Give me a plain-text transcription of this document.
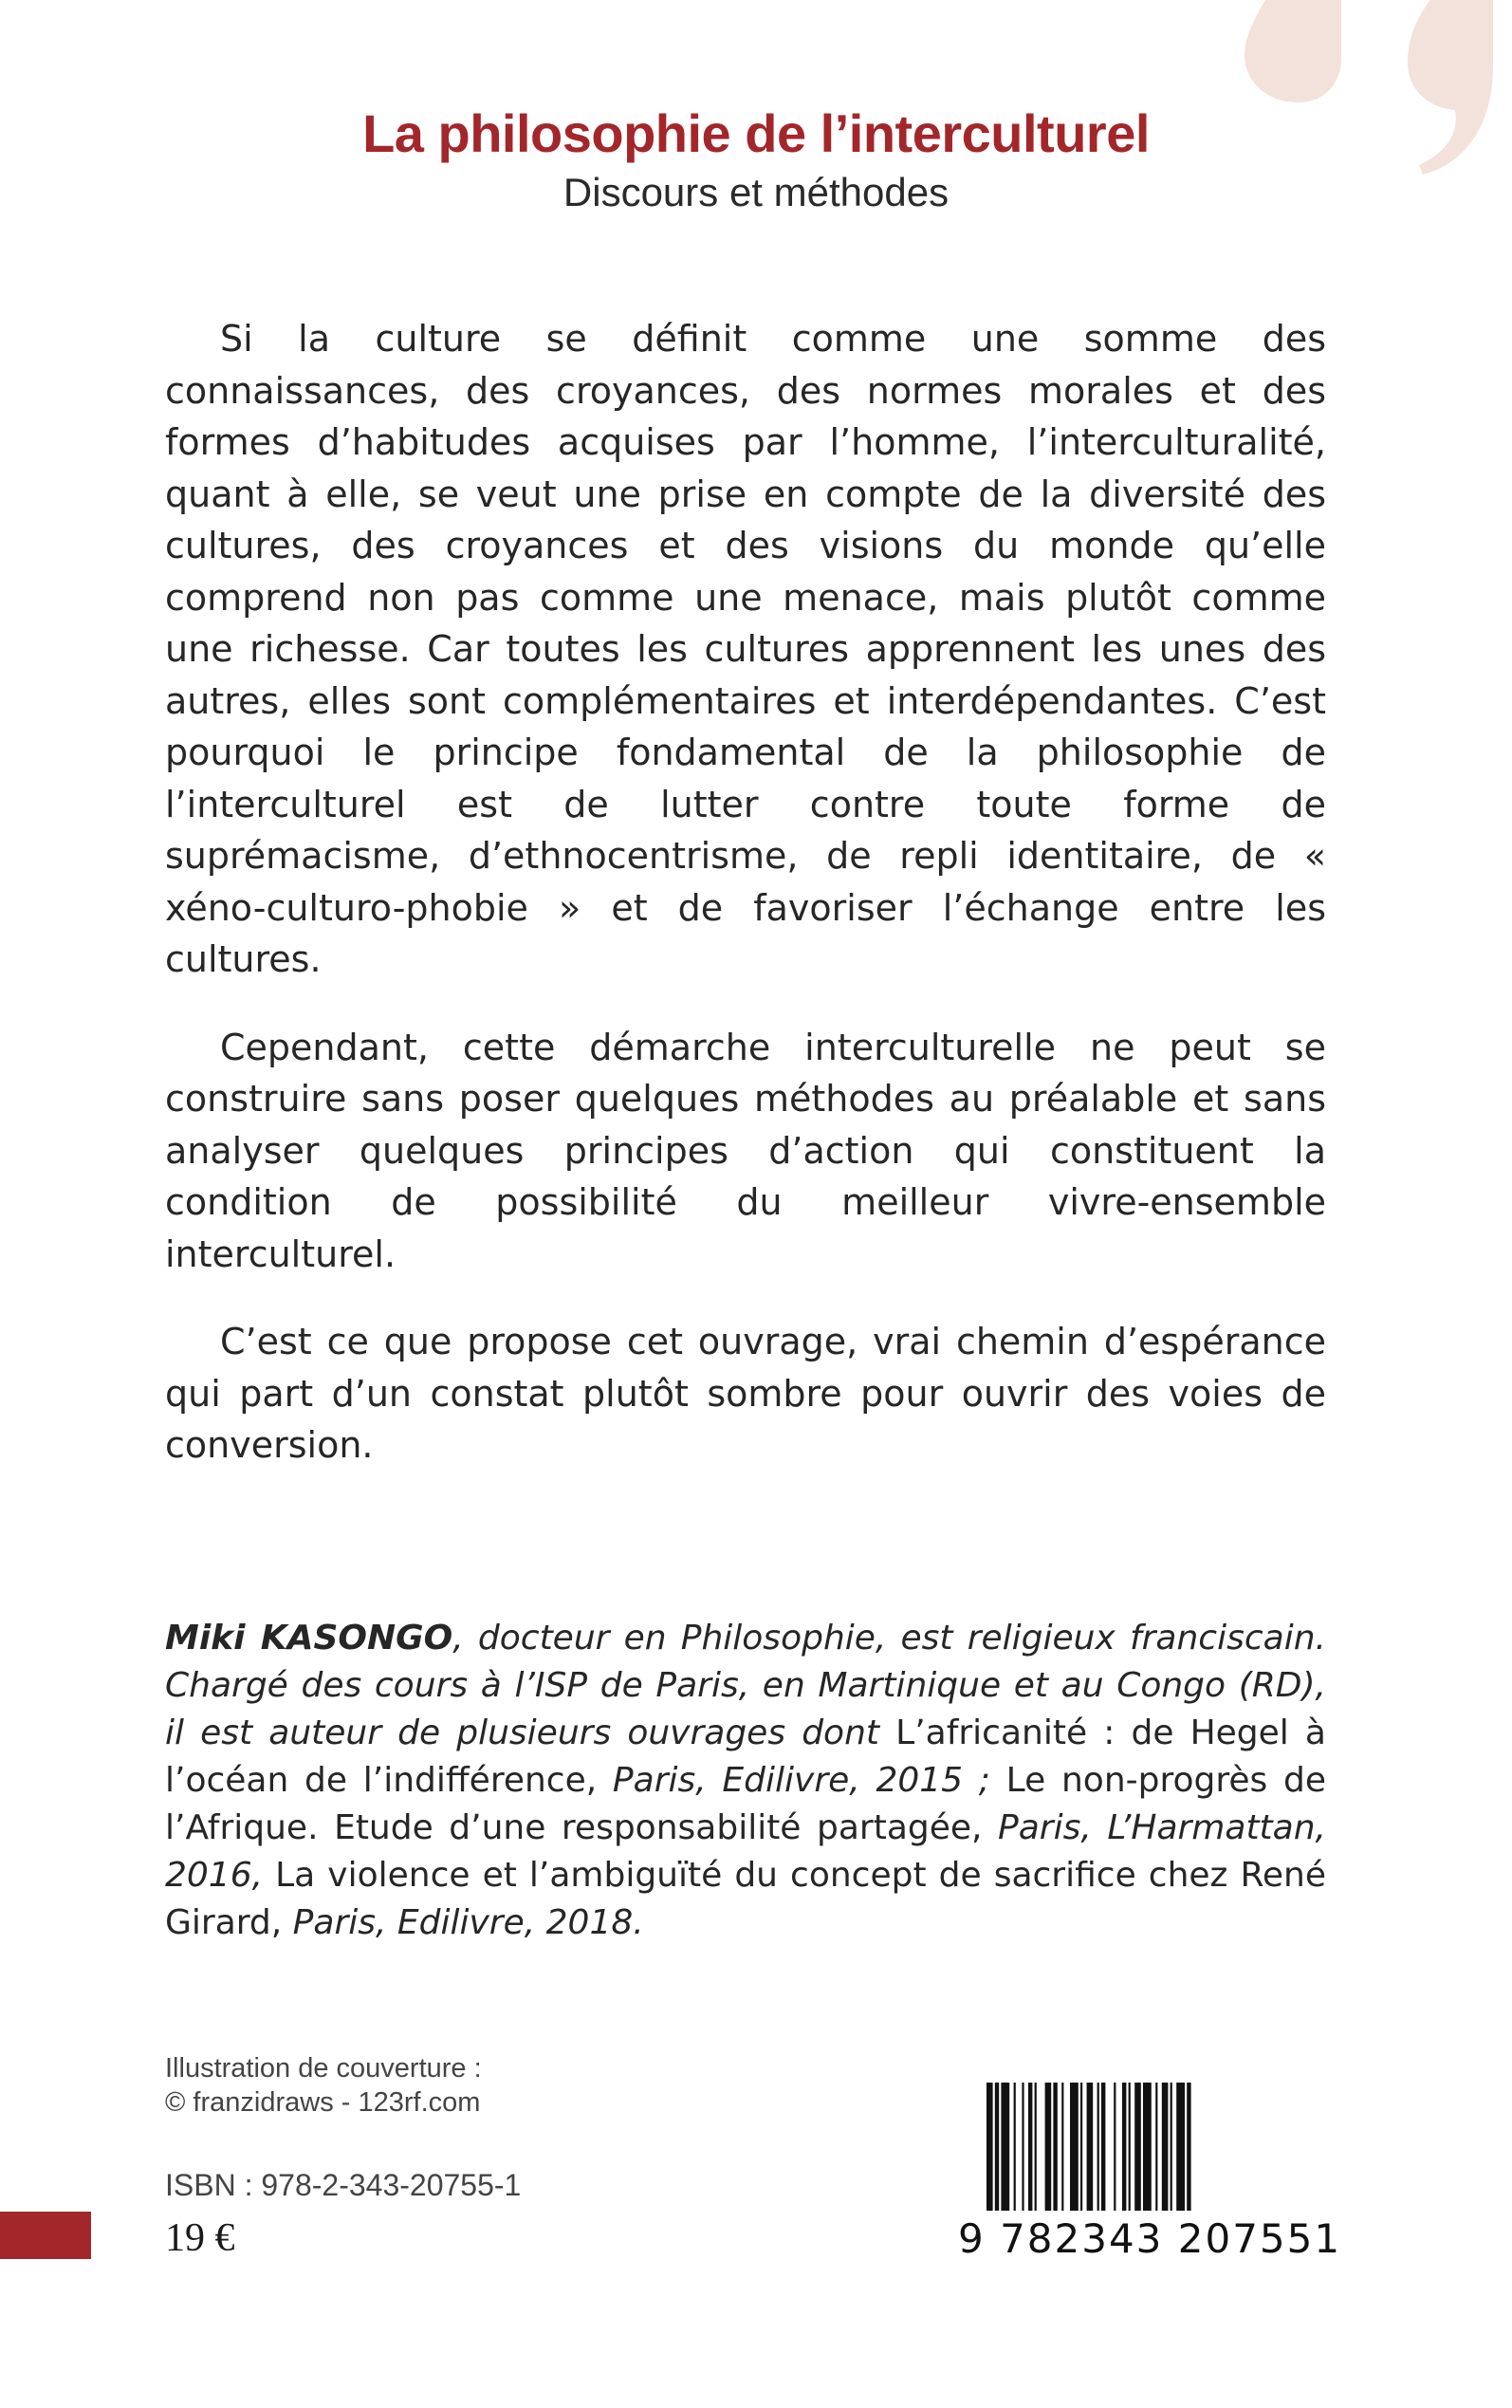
La philosophie de l’interculturel
Discours et méthodes

Si la culture se définit comme une somme des connaissances, des croyances, des normes morales et des formes d’habitudes acquises par l’homme, l’interculturalité, quant à elle, se veut une prise en compte de la diversité des cultures, des croyances et des visions du monde qu’elle comprend non pas comme une menace, mais plutôt comme une richesse. Car toutes les cultures apprennent les unes des autres, elles sont complémentaires et interdépendantes. C’est pourquoi le principe fondamental de la philosophie de l’interculturel est de lutter contre toute forme de suprémacisme, d’ethnocentrisme, de repli identitaire, de « xéno-culturo-phobie » et de favoriser l’échange entre les cultures.

Cependant, cette démarche interculturelle ne peut se construire sans poser quelques méthodes au préalable et sans analyser quelques principes d’action qui constituent la condition de possibilité du meilleur vivre-ensemble interculturel.

C’est ce que propose cet ouvrage, vrai chemin d’espérance qui part d’un constat plutôt sombre pour ouvrir des voies de conversion.

Miki KASONGO, docteur en Philosophie, est religieux franciscain. Chargé des cours à l’ISP de Paris, en Martinique et au Congo (RD), il est auteur de plusieurs ouvrages dont L’africanité : de Hegel à l’océan de l’indifférence, Paris, Edilivre, 2015 ; Le non-progrès de l’Afrique. Etude d’une responsabilité partagée, Paris, L’Harmattan, 2016, La violence et l’ambiguïté du concept de sacrifice chez René Girard, Paris, Edilivre, 2018.

Illustration de couverture :
© franzidraws - 123rf.com
ISBN : 978-2-343-20755-1
19 €	9 782343 207551
